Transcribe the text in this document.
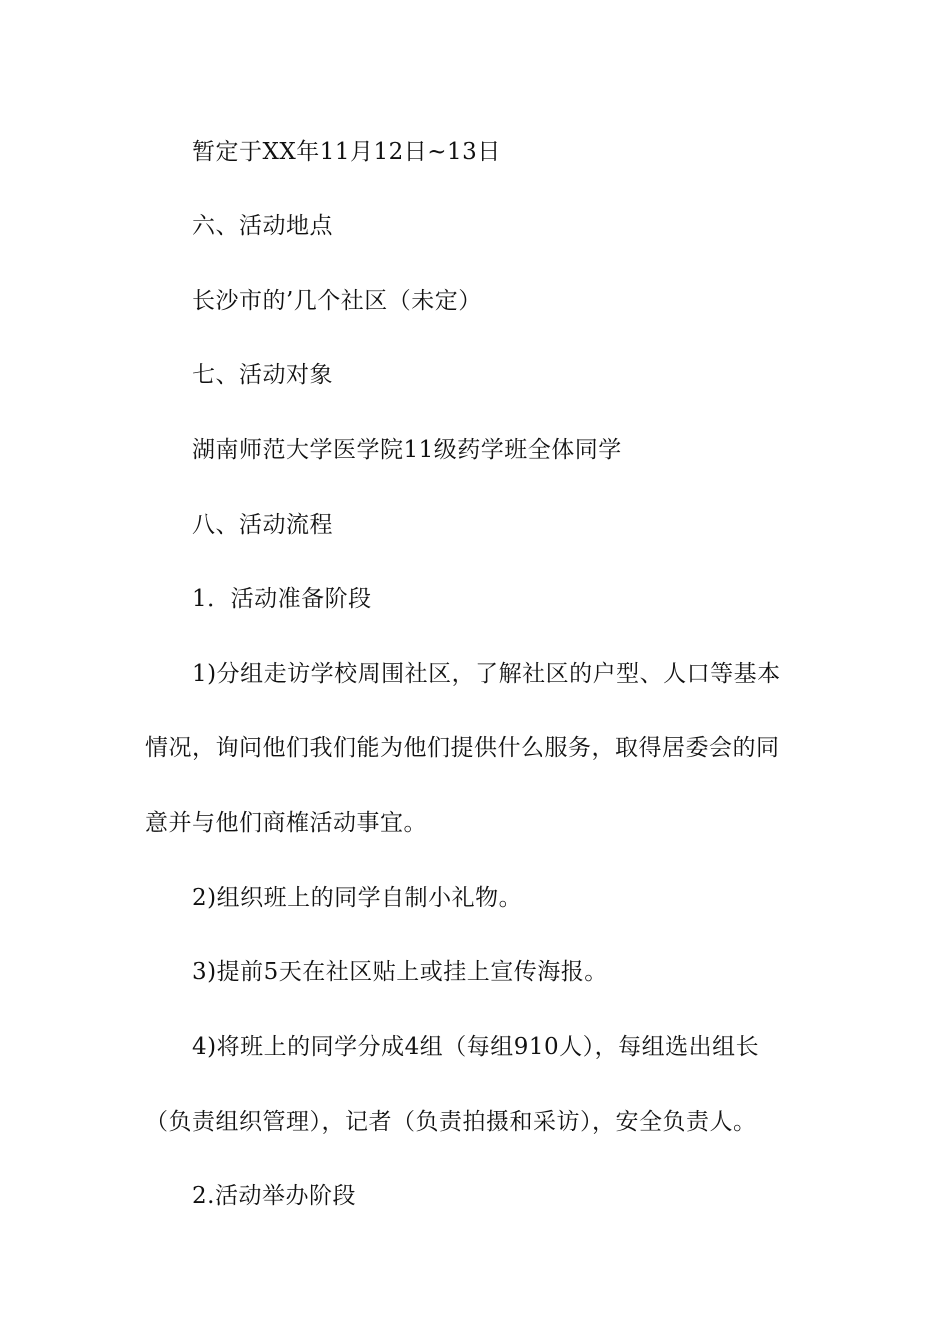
暂定于XX年11月12日~13日
六、活动地点
长沙市的’几个社区（未定）
七、活动对象
湖南师范大学医学院11级药学班全体同学
八、活动流程
1．活动准备阶段
1)分组走访学校周围社区，了解社区的户型、人口等基本
情况，询问他们我们能为他们提供什么服务，取得居委会的同
意并与他们商榷活动事宜。
2)组织班上的同学自制小礼物。
3)提前5天在社区贴上或挂上宣传海报。
4)将班上的同学分成4组（每组910人），每组选出组长
（负责组织管理），记者（负责拍摄和采访），安全负责人。
2.活动举办阶段
